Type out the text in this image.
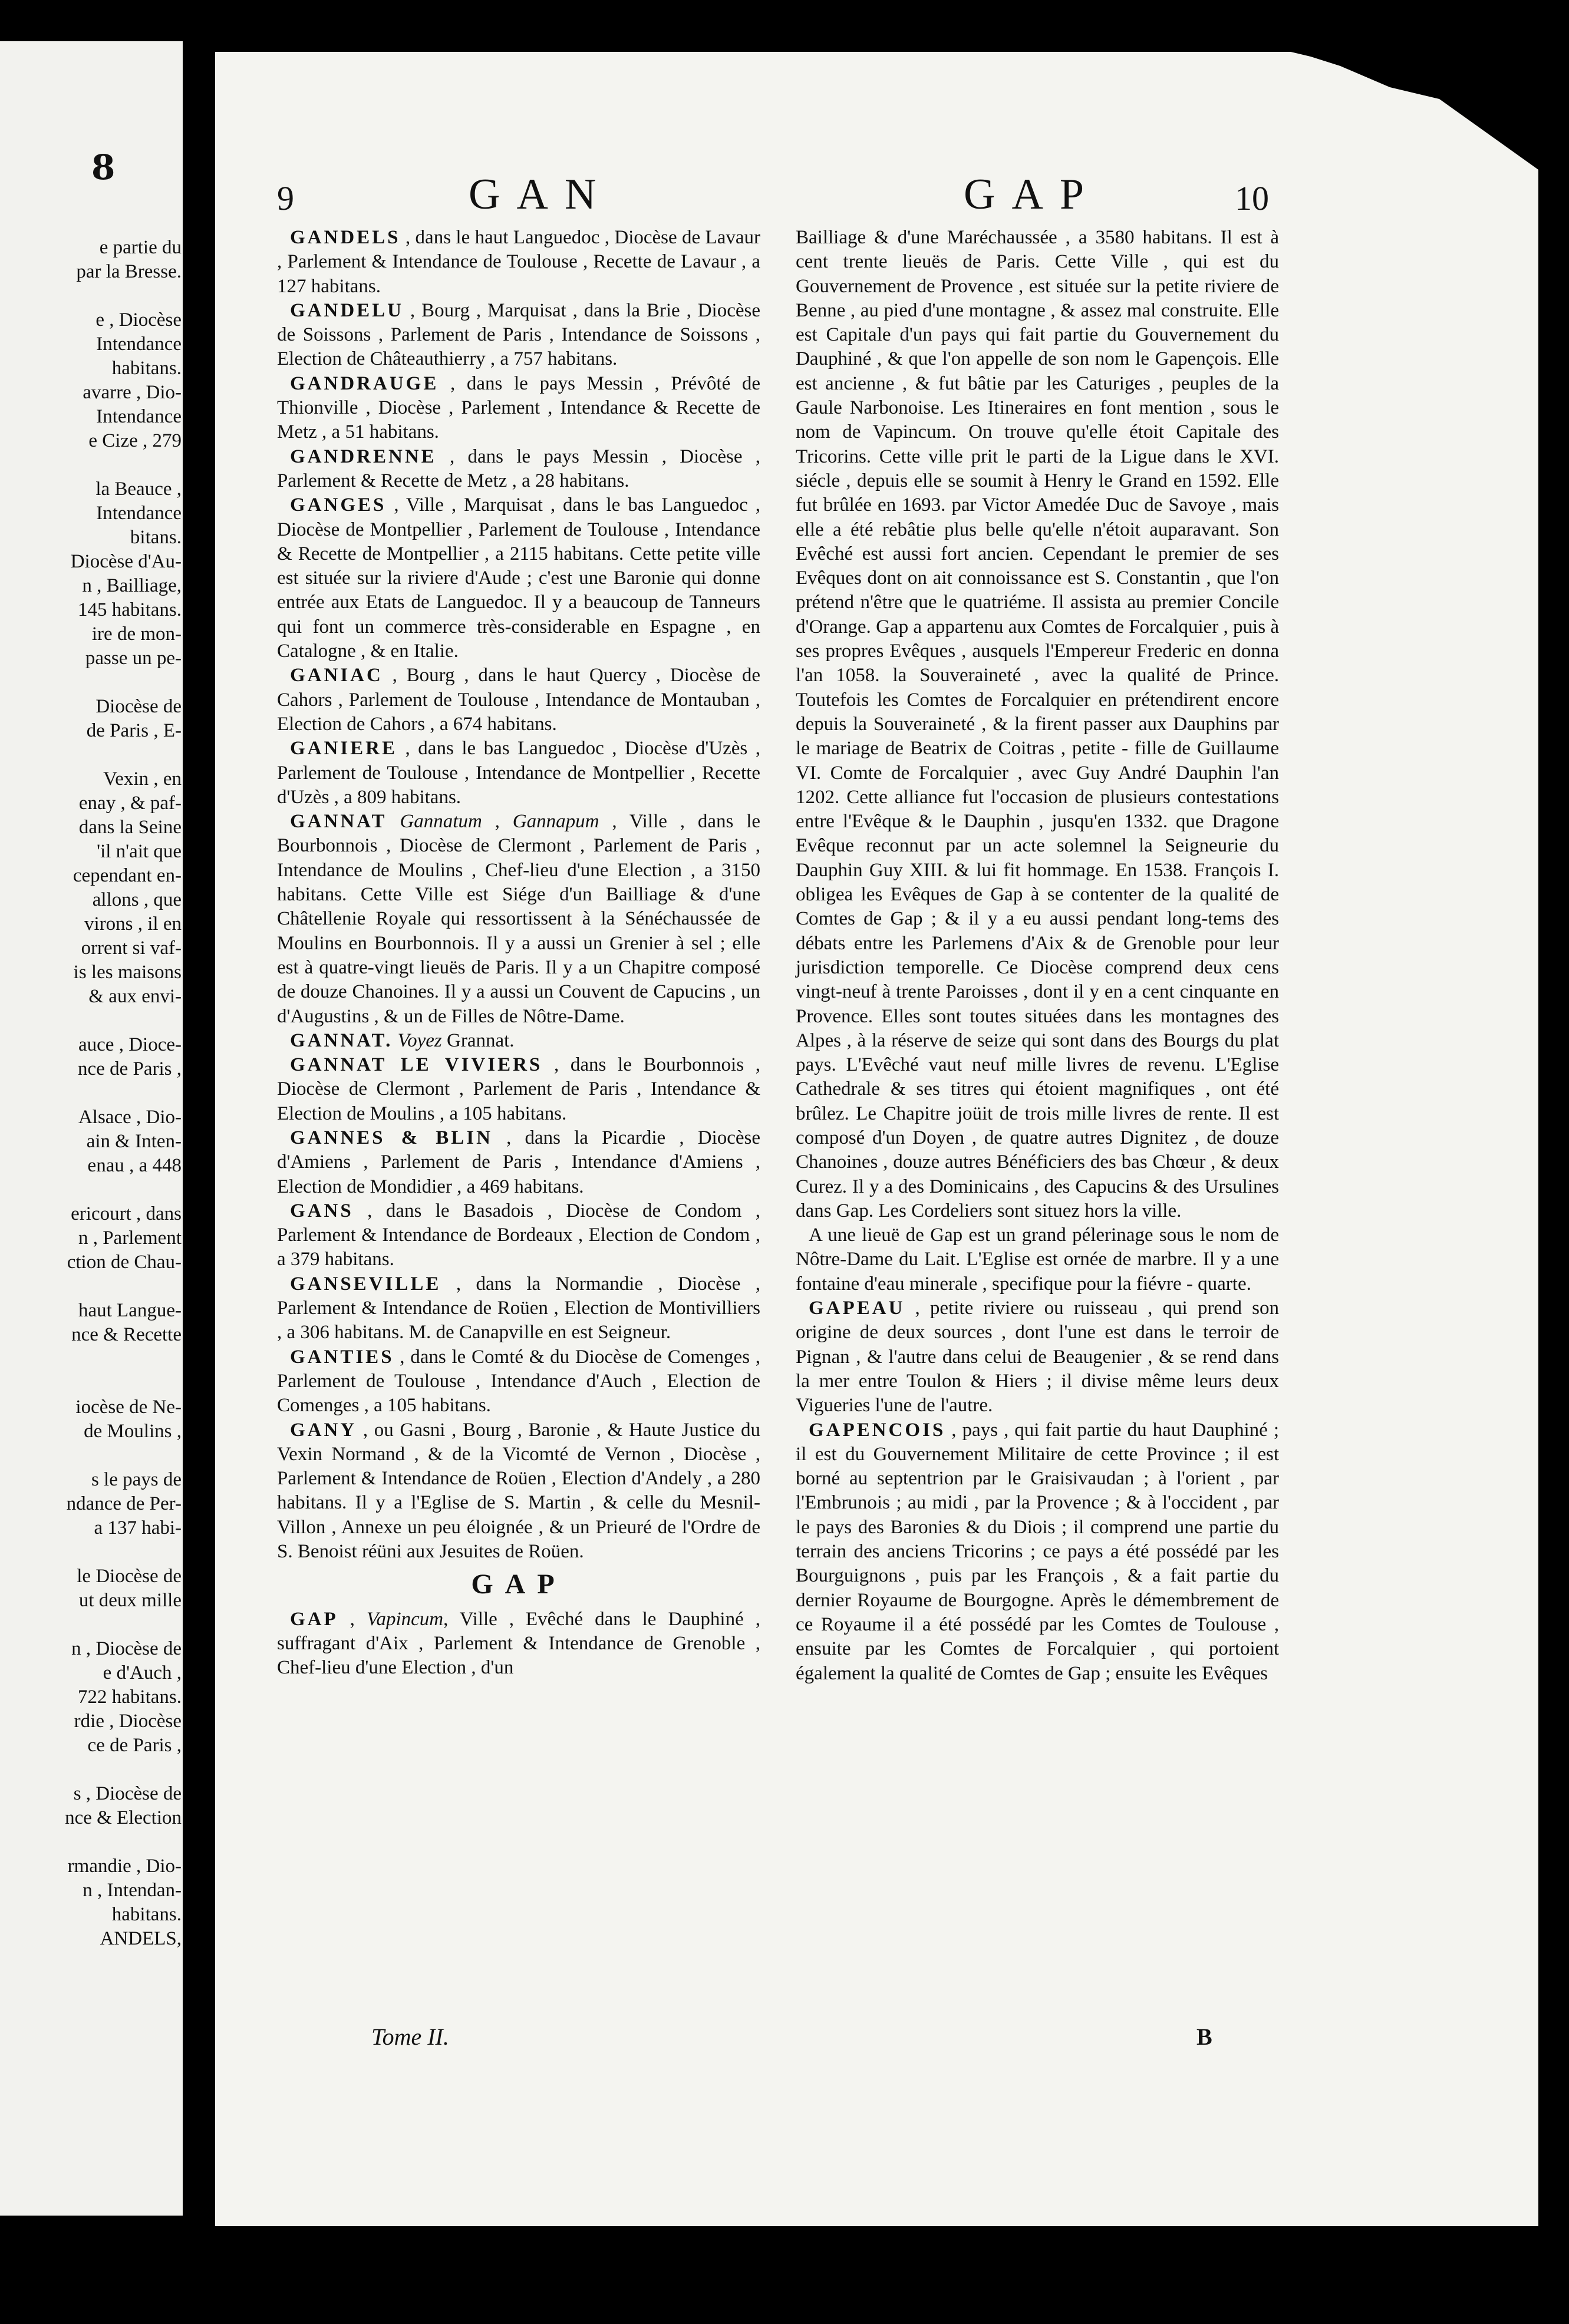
8
e partie du
par la Bresse.

e , Diocèse
Intendance
habitans.
avarre , Dio-
Intendance
e Cize , 279

la Beauce ,
Intendance
bitans.
Diocèse d'Au-
n , Bailliage,
145 habitans.
ire de mon-
passe un pe-

Diocèse de
de Paris , E-

Vexin , en
enay , & paf-
dans la Seine
'il n'ait que
cependant en-
allons , que
virons , il en
orrent si vaf-
is les maisons
& aux envi-

auce , Dioce-
nce de Paris ,

Alsace , Dio-
ain & Inten-
enau , a 448

ericourt , dans
n , Parlement
ction de Chau-

haut Langue-
nce & Recette

iocèse de Ne-
de Moulins ,

s le pays de
ndance de Per-
a 137 habi-

le Diocèse de
ut deux mille

n , Diocèse de
e d'Auch ,
722 habitans.
rdie , Diocèse
ce de Paris ,

s , Diocèse de
nce & Election

rmandie , Dio-
n , Intendan-
habitans.
ANDELS,
9	GAN	GAP	10

GANDELS , dans le haut Languedoc , Diocèse de Lavaur , Parlement & Intendance de Toulouse , Recette de Lavaur , a 127 habitans.

GANDELU , Bourg , Marquisat , dans la Brie , Diocèse de Soissons , Parlement de Paris , Intendance de Soissons , Election de Châteauthierry , a 757 habitans.

GANDRAUGE , dans le pays Messin , Prévôté de Thionville , Diocèse , Parlement , Intendance & Recette de Metz , a 51 habitans.

GANDRENNE , dans le pays Messin , Diocèse , Parlement & Recette de Metz , a 28 habitans.

GANGES , Ville , Marquisat , dans le bas Languedoc , Diocèse de Montpellier , Parlement de Toulouse , Intendance & Recette de Montpellier , a 2115 habitans. Cette petite ville est située sur la riviere d'Aude ; c'est une Baronie qui donne entrée aux Etats de Languedoc. Il y a beaucoup de Tanneurs qui font un commerce très-considerable en Espagne , en Catalogne , & en Italie.

GANIAC , Bourg , dans le haut Quercy , Diocèse de Cahors , Parlement de Toulouse , Intendance de Montauban , Election de Cahors , a 674 habitans.

GANIERE , dans le bas Languedoc , Diocèse d'Uzès , Parlement de Toulouse , Intendance de Montpellier , Recette d'Uzès , a 809 habitans.

GANNAT Gannatum , Gannapum , Ville , dans le Bourbonnois , Diocèse de Clermont , Parlement de Paris , Intendance de Moulins , Chef-lieu d'une Election , a 3150 habitans. Cette Ville est Siége d'un Bailliage & d'une Châtellenie Royale qui ressortissent à la Sénéchaussée de Moulins en Bourbonnois. Il y a aussi un Grenier à sel ; elle est à quatre-vingt lieuës de Paris. Il y a un Chapitre composé de douze Chanoines. Il y a aussi un Couvent de Capucins , un d'Augustins , & un de Filles de Nôtre-Dame.

GANNAT. Voyez Grannat.

GANNAT LE VIVIERS , dans le Bourbonnois , Diocèse de Clermont , Parlement de Paris , Intendance & Election de Moulins , a 105 habitans.

GANNES & BLIN , dans la Picardie , Diocèse d'Amiens , Parlement de Paris , Intendance d'Amiens , Election de Mondidier , a 469 habitans.

GANS , dans le Basadois , Diocèse de Condom , Parlement & Intendance de Bordeaux , Election de Condom , a 379 habitans.

GANSEVILLE , dans la Normandie , Diocèse , Parlement & Intendance de Roüen , Election de Montivilliers , a 306 habitans. M. de Canapville en est Seigneur.

GANTIES , dans le Comté & du Diocèse de Comenges , Parlement de Toulouse , Intendance d'Auch , Election de Comenges , a 105 habitans.

GANY , ou Gasni , Bourg , Baronie , & Haute Justice du Vexin Normand , & de la Vicomté de Vernon , Diocèse , Parlement & Intendance de Roüen , Election d'Andely , a 280 habitans. Il y a l'Eglise de S. Martin , & celle du Mesnil-Villon , Annexe un peu éloignée , & un Prieuré de l'Ordre de S. Benoist réüni aux Jesuites de Roüen.

GAP

GAP , Vapincum, Ville , Evêché dans le Dauphiné , suffragant d'Aix , Parlement & Intendance de Grenoble , Chef-lieu d'une Election , d'un

Bailliage & d'une Maréchaussée , a 3580 habitans. Il est à cent trente lieuës de Paris. Cette Ville , qui est du Gouvernement de Provence , est située sur la petite riviere de Benne , au pied d'une montagne , & assez mal construite. Elle est Capitale d'un pays qui fait partie du Gouvernement du Dauphiné , & que l'on appelle de son nom le Gapençois. Elle est ancienne , & fut bâtie par les Caturiges , peuples de la Gaule Narbonoise. Les Itineraires en font mention , sous le nom de Vapincum. On trouve qu'elle étoit Capitale des Tricorins. Cette ville prit le parti de la Ligue dans le XVI. siécle , depuis elle se soumit à Henry le Grand en 1592. Elle fut brûlée en 1693. par Victor Amedée Duc de Savoye , mais elle a été rebâtie plus belle qu'elle n'étoit auparavant. Son Evêché est aussi fort ancien. Cependant le premier de ses Evêques dont on ait connoissance est S. Constantin , que l'on prétend n'être que le quatriéme. Il assista au premier Concile d'Orange. Gap a appartenu aux Comtes de Forcalquier , puis à ses propres Evêques , ausquels l'Empereur Frederic en donna l'an 1058. la Souveraineté , avec la qualité de Prince. Toutefois les Comtes de Forcalquier en prétendirent encore depuis la Souveraineté , & la firent passer aux Dauphins par le mariage de Beatrix de Coitras , petite - fille de Guillaume VI. Comte de Forcalquier , avec Guy André Dauphin l'an 1202. Cette alliance fut l'occasion de plusieurs contestations entre l'Evêque & le Dauphin , jusqu'en 1332. que Dragone Evêque reconnut par un acte solemnel la Seigneurie du Dauphin Guy XIII. & lui fit hommage. En 1538. François I. obligea les Evêques de Gap à se contenter de la qualité de Comtes de Gap ; & il y a eu aussi pendant long-tems des débats entre les Parlemens d'Aix & de Grenoble pour leur jurisdiction temporelle. Ce Diocèse comprend deux cens vingt-neuf à trente Paroisses , dont il y en a cent cinquante en Provence. Elles sont toutes situées dans les montagnes des Alpes , à la réserve de seize qui sont dans des Bourgs du plat pays. L'Evêché vaut neuf mille livres de revenu. L'Eglise Cathedrale & ses titres qui étoient magnifiques , ont été brûlez. Le Chapitre joüit de trois mille livres de rente. Il est composé d'un Doyen , de quatre autres Dignitez , de douze Chanoines , douze autres Bénéficiers des bas Chœur , & deux Curez. Il y a des Dominicains , des Capucins & des Ursulines dans Gap. Les Cordeliers sont situez hors la ville.

A une lieuë de Gap est un grand pélerinage sous le nom de Nôtre-Dame du Lait. L'Eglise est ornée de marbre. Il y a une fontaine d'eau minerale , specifique pour la fiévre - quarte.

GAPEAU , petite riviere ou ruisseau , qui prend son origine de deux sources , dont l'une est dans le terroir de Pignan , & l'autre dans celui de Beaugenier , & se rend dans la mer entre Toulon & Hiers ; il divise même leurs deux Vigueries l'une de l'autre.

GAPENCOIS , pays , qui fait partie du haut Dauphiné ; il est du Gouvernement Militaire de cette Province ; il est borné au septentrion par le Graisivaudan ; à l'orient , par l'Embrunois ; au midi , par la Provence ; & à l'occident , par le pays des Baronies & du Diois ; il comprend une partie du terrain des anciens Tricorins ; ce pays a été possédé par les Bourguignons , puis par les François , & a fait partie du dernier Royaume de Bourgogne. Après le démembrement de ce Royaume il a été possédé par les Comtes de Toulouse , ensuite par les Comtes de Forcalquier , qui portoient également la qualité de Comtes de Gap ; ensuite les Evêques

Tome II.	B
